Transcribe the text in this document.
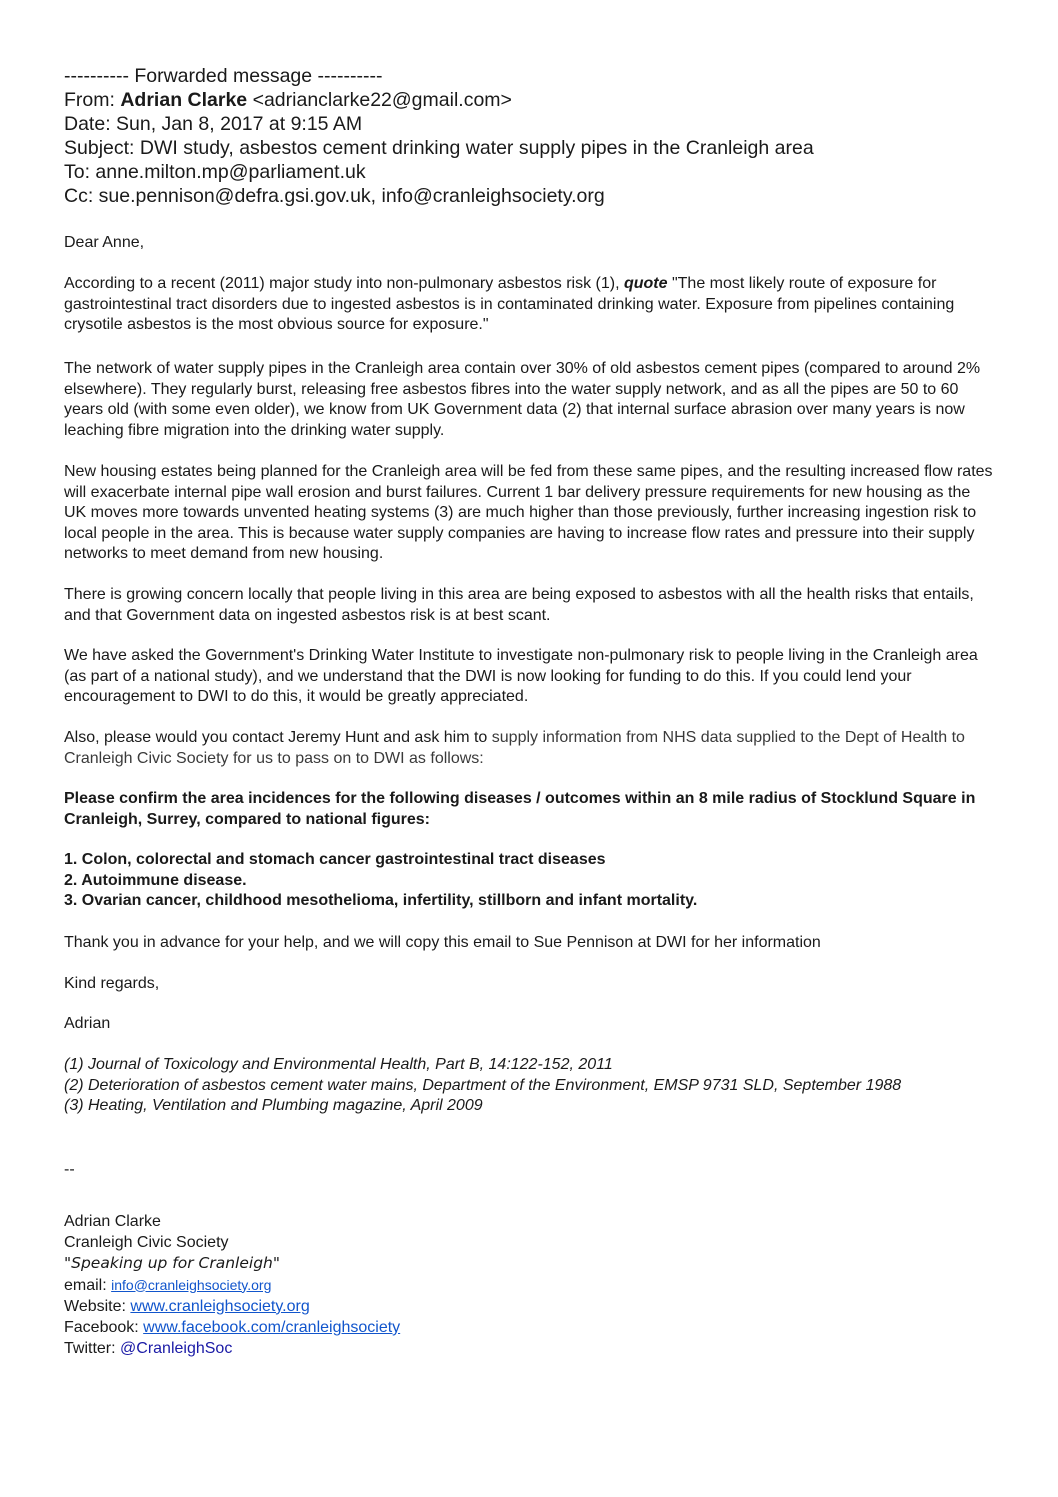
---------- Forwarded message ----------
From: Adrian Clarke <adrianclarke22@gmail.com>
Date: Sun, Jan 8, 2017 at 9:15 AM
Subject: DWI study, asbestos cement drinking water supply pipes in the Cranleigh area
To: anne.milton.mp@parliament.uk
Cc: sue.pennison@defra.gsi.gov.uk, info@cranleighsociety.org

Dear Anne,

According to a recent (2011) major study into non-pulmonary asbestos risk (1), quote "The most likely route of exposure for gastrointestinal tract disorders due to ingested asbestos is in contaminated drinking water. Exposure from pipelines containing crysotile asbestos is the most obvious source for exposure."

The network of water supply pipes in the Cranleigh area contain over 30% of old asbestos cement pipes (compared to around 2% elsewhere). They regularly burst, releasing free asbestos fibres into the water supply network, and as all the pipes are 50 to 60 years old (with some even older), we know from UK Government data (2) that internal surface abrasion over many years is now leaching fibre migration into the drinking water supply.

New housing estates being planned for the Cranleigh area will be fed from these same pipes, and the resulting increased flow rates will exacerbate internal pipe wall erosion and burst failures. Current 1 bar delivery pressure requirements for new housing as the UK moves more towards unvented heating systems (3) are much higher than those previously, further increasing ingestion risk to local people in the area. This is because water supply companies are having to increase flow rates and pressure into their supply networks to meet demand from new housing.

There is growing concern locally that people living in this area are being exposed to asbestos with all the health risks that entails, and that Government data on ingested asbestos risk is at best scant.

We have asked the Government's Drinking Water Institute to investigate non-pulmonary risk to people living in the Cranleigh area (as part of a national study), and we understand that the DWI is now looking for funding to do this. If you could lend your encouragement to DWI to do this, it would be greatly appreciated.

Also, please would you contact Jeremy Hunt and ask him to supply information from NHS data supplied to the Dept of Health to Cranleigh Civic Society for us to pass on to DWI as follows:

Please confirm the area incidences for the following diseases / outcomes within an 8 mile radius of Stocklund Square in Cranleigh, Surrey, compared to national figures:

1. Colon, colorectal and stomach cancer gastrointestinal tract diseases
2. Autoimmune disease.
3. Ovarian cancer, childhood mesothelioma, infertility, stillborn and infant mortality.

Thank you in advance for your help, and we will copy this email to Sue Pennison at DWI for her information

Kind regards,

Adrian

(1) Journal of Toxicology and Environmental Health, Part B, 14:122-152, 2011
(2) Deterioration of asbestos cement water mains, Department of the Environment, EMSP 9731 SLD, September 1988
(3) Heating, Ventilation and Plumbing magazine, April 2009

--

Adrian Clarke
Cranleigh Civic Society
"Speaking up for Cranleigh"
email: info@cranleighsociety.org
Website: www.cranleighsociety.org
Facebook: www.facebook.com/cranleighsociety
Twitter: @CranleighSoc
